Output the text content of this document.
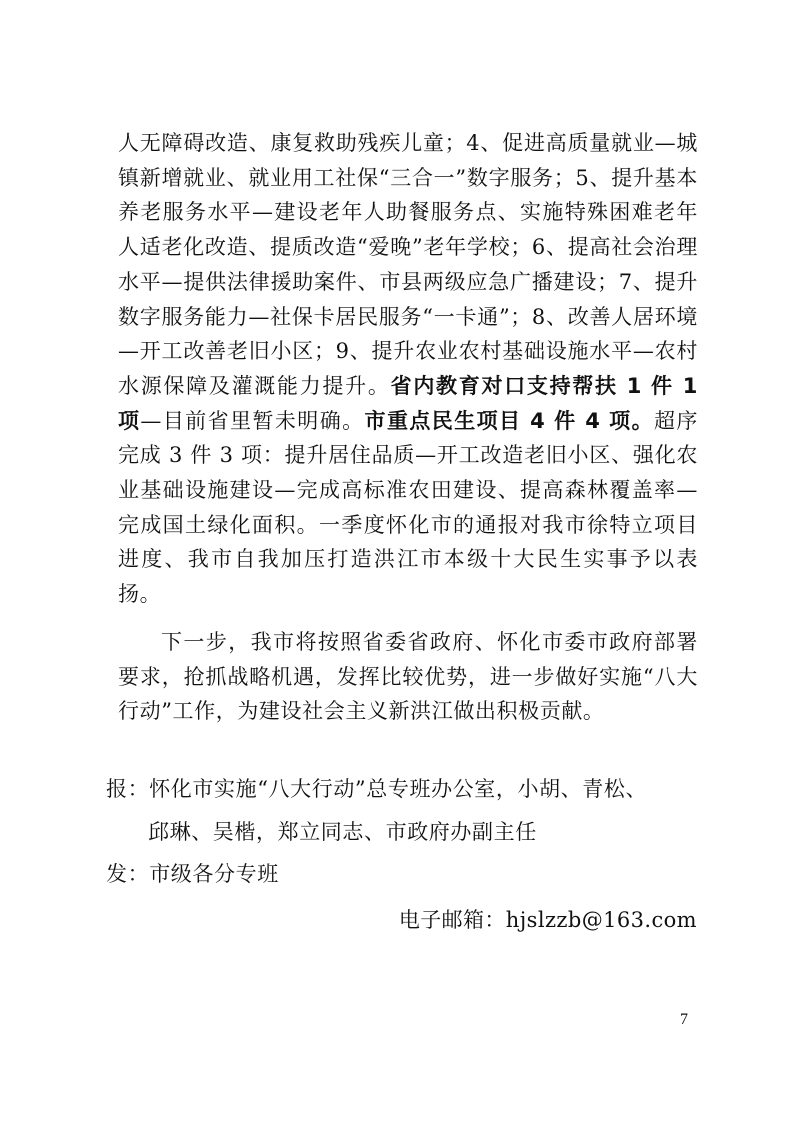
人无障碍改造、康复救助残疾儿童；4、促进高质量就业—城镇新增就业、就业用工社保“三合一”数字服务；5、提升基本养老服务水平—建设老年人助餐服务点、实施特殊困难老年人适老化改造、提质改造“爱晚”老年学校；6、提高社会治理水平—提供法律援助案件、市县两级应急广播建设；7、提升数字服务能力—社保卡居民服务“一卡通”；8、改善人居环境—开工改善老旧小区；9、提升农业农村基础设施水平—农村水源保障及灌溉能力提升。省内教育对口支持帮扶 1 件 1 项—目前省里暂未明确。市重点民生项目 4 件 4 项。超序完成 3 件 3 项：提升居住品质—开工改造老旧小区、强化农业基础设施建设—完成高标准农田建设、提高森林覆盖率—完成国土绿化面积。一季度怀化市的通报对我市徐特立项目进度、我市自我加压打造洪江市本级十大民生实事予以表扬。

下一步，我市将按照省委省政府、怀化市委市政府部署要求，抢抓战略机遇，发挥比较优势，进一步做好实施“八大行动”工作，为建设社会主义新洪江做出积极贡献。

报：怀化市实施“八大行动”总专班办公室，小胡、青松、
邱琳、吴楷，郑立同志、市政府办副主任
发：市级各分专班
电子邮箱：hjslzzb@163.com
7
